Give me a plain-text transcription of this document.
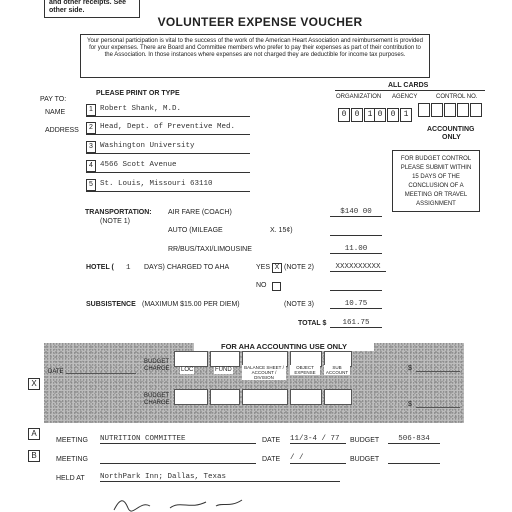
and other receipts. See
other side.
VOLUNTEER EXPENSE VOUCHER
Your personal participation is vital to the success of the work of the American Heart Association and reimbursement is provided for your expenses. There are Board and Committee members who prefer to pay their expenses as part of their contribution to the Association. In those instances where expenses are not charged they are deductible for income tax purposes.
PAY TO:
PLEASE PRINT OR TYPE
NAME
ADDRESS
1 Robert Shank, M.D.
2 Head, Dept. of Preventive Med.
3 Washington University
4 4566 Scott Avenue
5 St. Louis, Missouri 63110
ALL CARDS
ORGANIZATION AGENCY	CONTROL NO.
0 0 1 0 0 1
ACCOUNTING
ONLY
FOR BUDGET CONTROL PLEASE SUBMIT WITHIN 15 DAYS OF THE CONCLUSION OF A MEETING OR TRAVEL ASSIGNMENT
TRANSPORTATION:
(NOTE 1)
AIR FARE (COACH)	$140 00
AUTO (MILEAGE	X. 15¢)
RR/BUS/TAXI/LIMOUSINE	11.00
HOTEL ( 1 DAYS) CHARGED TO AHA	YES X (NOTE 2)	XXXXXXXXXX
NO
SUBSISTENCE (MAXIMUM $15.00 PER DIEM)	(NOTE 3)	10.75
TOTAL $	161.75
FOR AHA ACCOUNTING USE ONLY
DATE
BUDGET CHARGE
BUDGET CHARGE
LOC	FUND	BALANCE SHEET / ACCOUNT / DIVISION
OBJECT EXPENSE
SUB ACCOUNT
$
$
X
A
B
MEETING NUTRITION COMMITTEE	DATE 11/3-4 / 77	BUDGET	506-834
MEETING	DATE / /	BUDGET
HELD AT NorthPark Inn; Dallas, Texas
